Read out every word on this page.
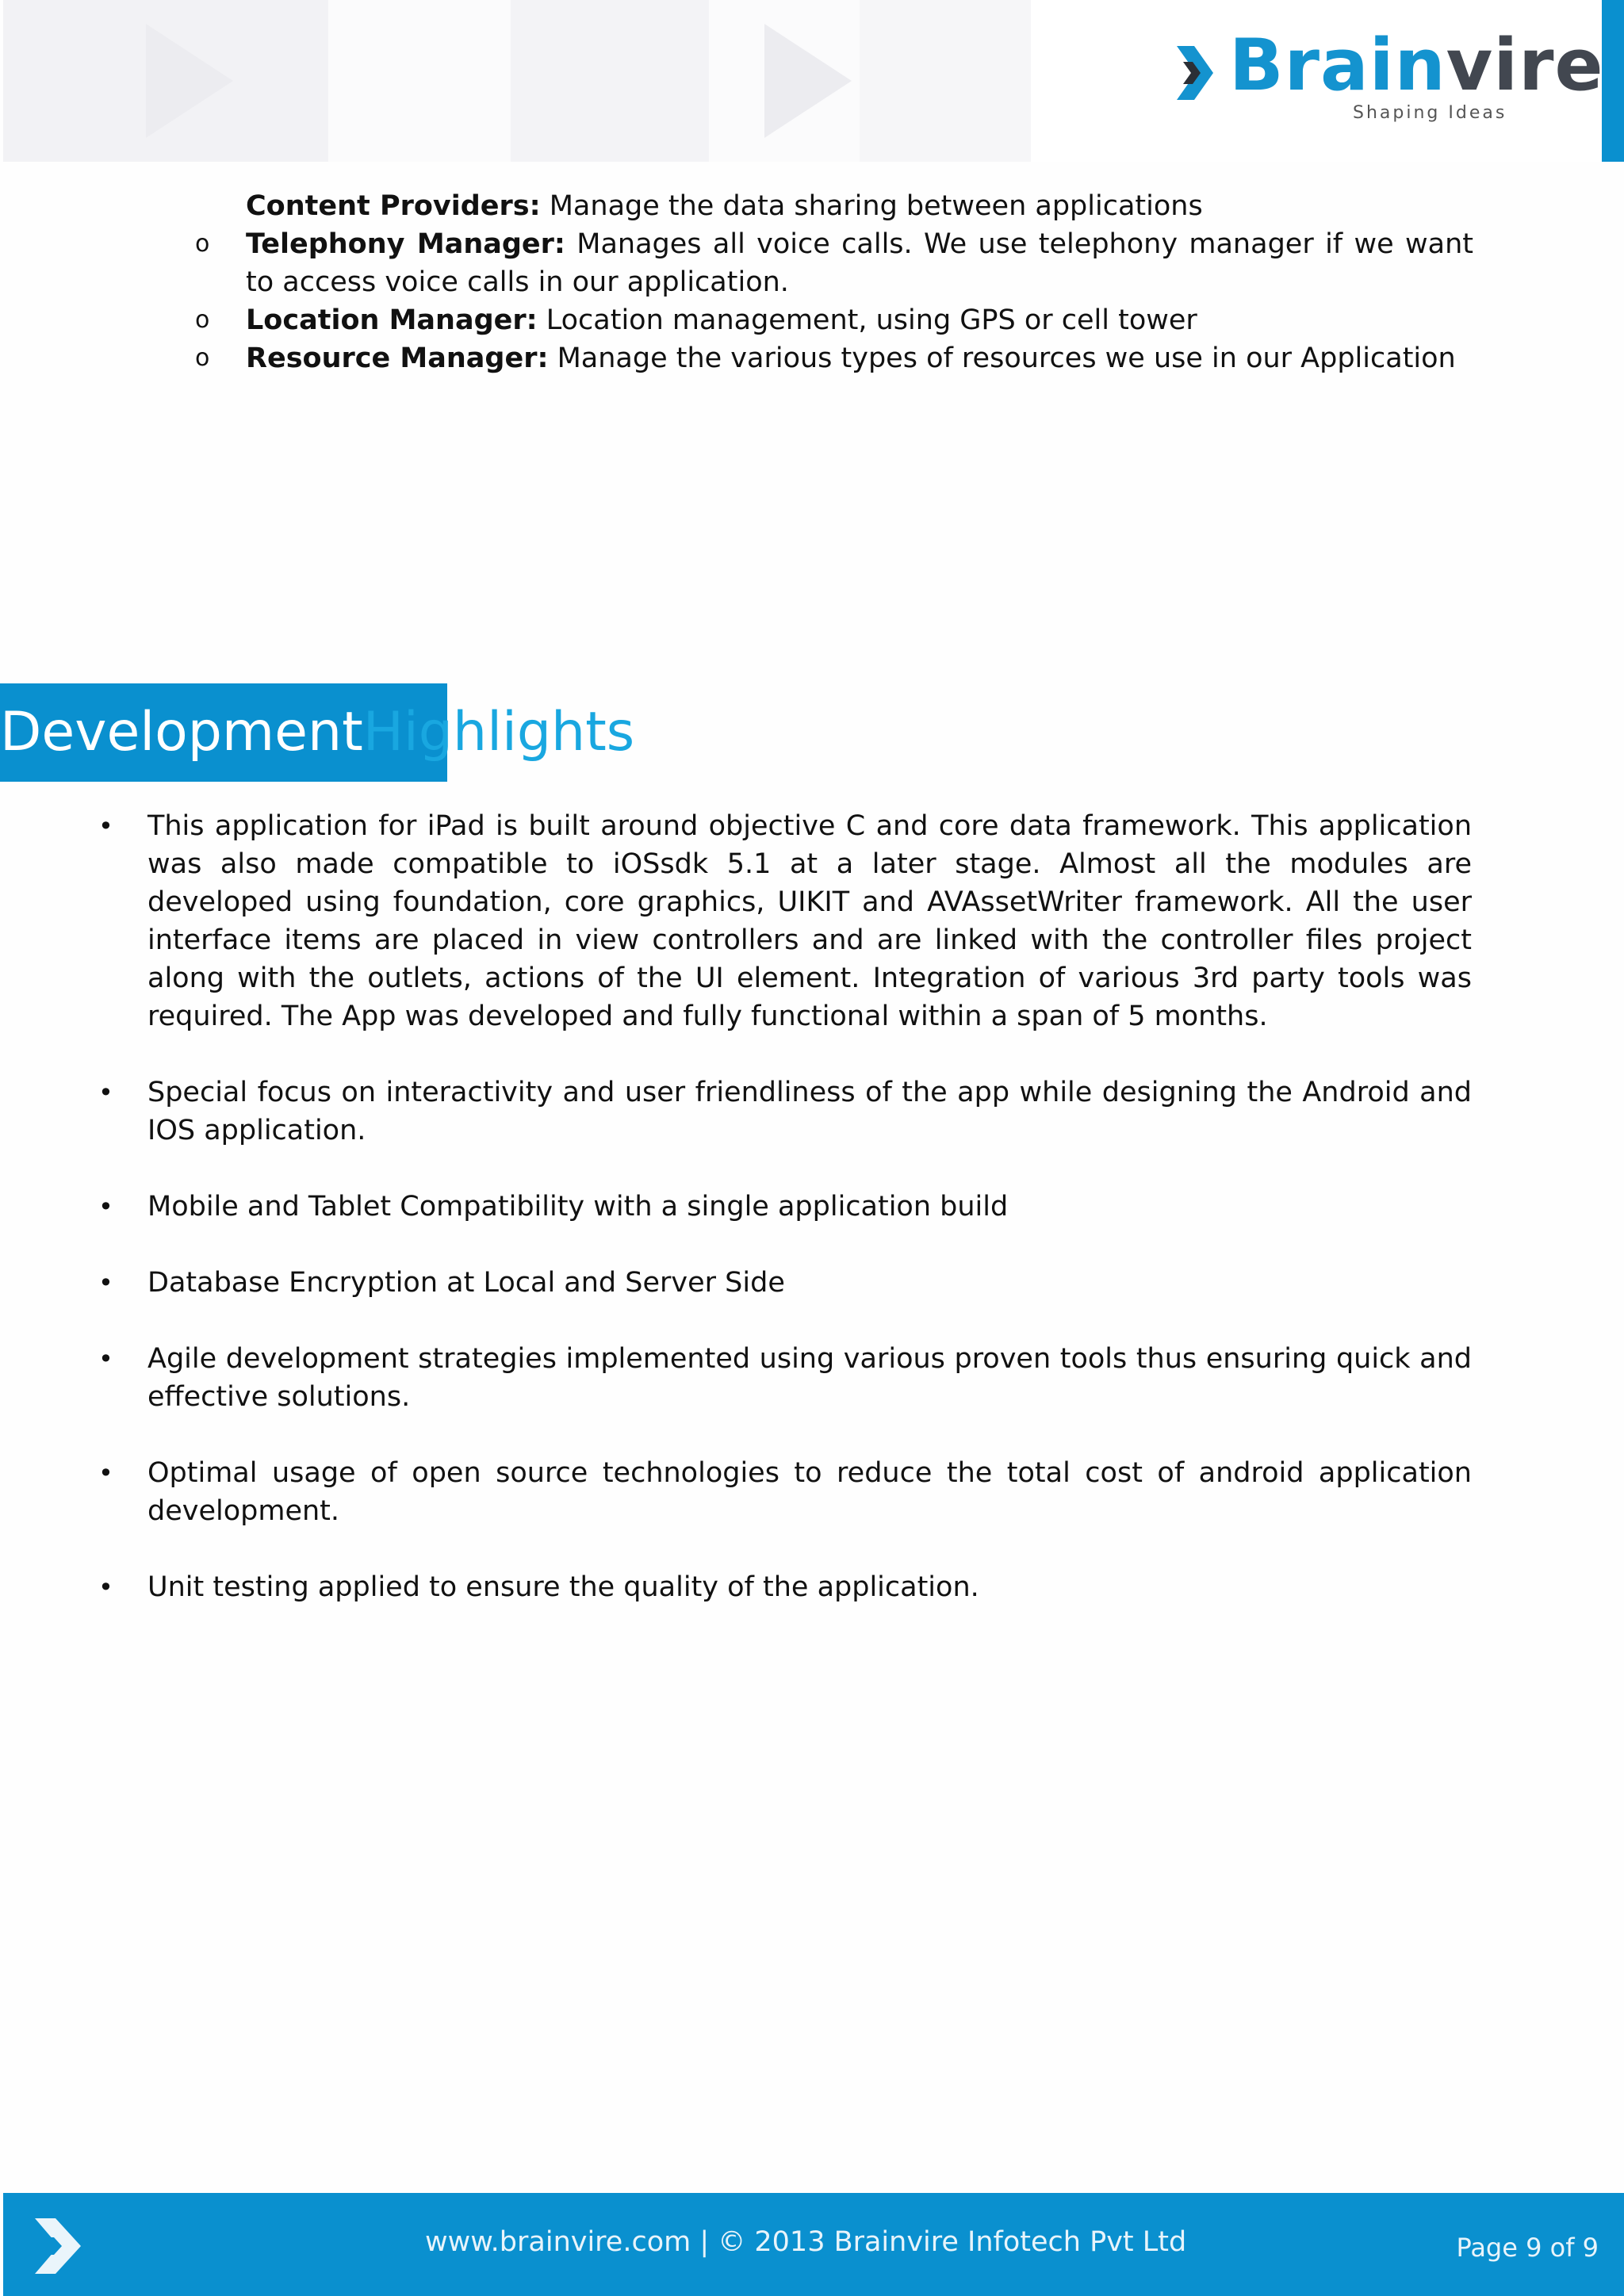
Brainvire
Shaping Ideas
Content Providers: Manage the data sharing between applications
o Telephony Manager: Manages all voice calls. We use telephony manager if we want to access voice calls in our application.
o Location Manager: Location management, using GPS or cell tower
o Resource Manager: Manage the various types of resources we use in our Application
DevelopmentHighlights
• This application for iPad is built around objective C and core data framework. This application was also made compatible to iOSsdk 5.1 at a later stage. Almost all the modules are developed using foundation, core graphics, UIKIT and AVAssetWriter framework. All the user interface items are placed in view controllers and are linked with the controller files project along with the outlets, actions of the UI element. Integration of various 3rd party tools was required. The App was developed and fully functional within a span of 5 months.
• Special focus on interactivity and user friendliness of the app while designing the Android and IOS application.
• Mobile and Tablet Compatibility with a single application build
• Database Encryption at Local and Server Side
• Agile development strategies implemented using various proven tools thus ensuring quick and effective solutions.
• Optimal usage of open source technologies to reduce the total cost of android application development.
• Unit testing applied to ensure the quality of the application.
www.brainvire.com | © 2013 Brainvire Infotech Pvt Ltd	Page 9 of 9
